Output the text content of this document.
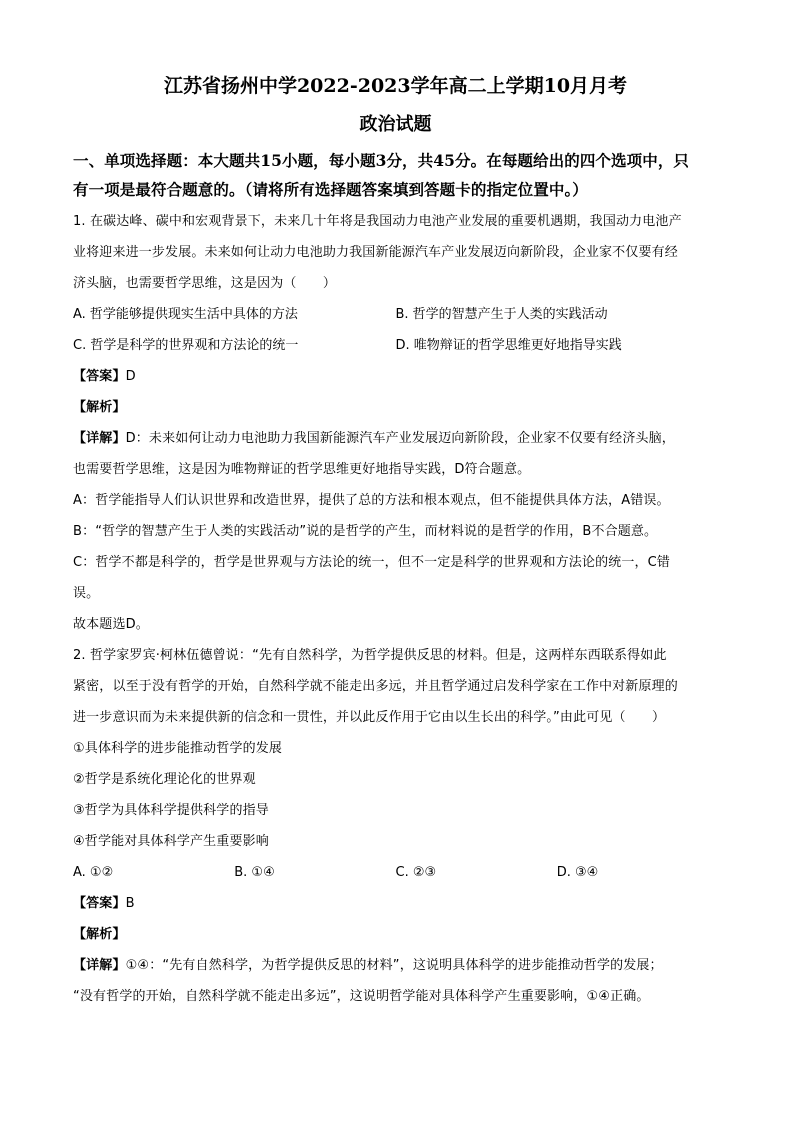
江苏省扬州中学2022-2023学年高二上学期10月月考
政治试题
一、单项选择题：本大题共15小题，每小题3分，共45分。在每题给出的四个选项中，只
有一项是最符合题意的。（请将所有选择题答案填到答题卡的指定位置中。）

1. 在碳达峰、碳中和宏观背景下，未来几十年将是我国动力电池产业发展的重要机遇期，我国动力电池产

业将迎来进一步发展。未来如何让动力电池助力我国新能源汽车产业发展迈向新阶段，企业家不仅要有经

济头脑，也需要哲学思维，这是因为（　　）

A. 哲学能够提供现实生活中具体的方法	B. 哲学的智慧产生于人类的实践活动
C. 哲学是科学的世界观和方法论的统一	D. 唯物辩证的哲学思维更好地指导实践

【答案】D

【解析】

【详解】D：未来如何让动力电池助力我国新能源汽车产业发展迈向新阶段，企业家不仅要有经济头脑，

也需要哲学思维，这是因为唯物辩证的哲学思维更好地指导实践，D符合题意。

A：哲学能指导人们认识世界和改造世界，提供了总的方法和根本观点，但不能提供具体方法，A错误。

B：“哲学的智慧产生于人类的实践活动”说的是哲学的产生，而材料说的是哲学的作用，B不合题意。

C：哲学不都是科学的，哲学是世界观与方法论的统一，但不一定是科学的世界观和方法论的统一，C错

误。

故本题选D。

2. 哲学家罗宾·柯林伍德曾说：“先有自然科学，为哲学提供反思的材料。但是，这两样东西联系得如此

紧密，以至于没有哲学的开始，自然科学就不能走出多远，并且哲学通过启发科学家在工作中对新原理的

进一步意识而为未来提供新的信念和一贯性，并以此反作用于它由以生长出的科学。”由此可见（　　）

①具体科学的进步能推动哲学的发展

②哲学是系统化理论化的世界观

③哲学为具体科学提供科学的指导

④哲学能对具体科学产生重要影响

A. ①②	B. ①④	C. ②③	D. ③④

【答案】B

【解析】

【详解】①④：“先有自然科学，为哲学提供反思的材料”，这说明具体科学的进步能推动哲学的发展；

“没有哲学的开始，自然科学就不能走出多远”，这说明哲学能对具体科学产生重要影响，①④正确。
